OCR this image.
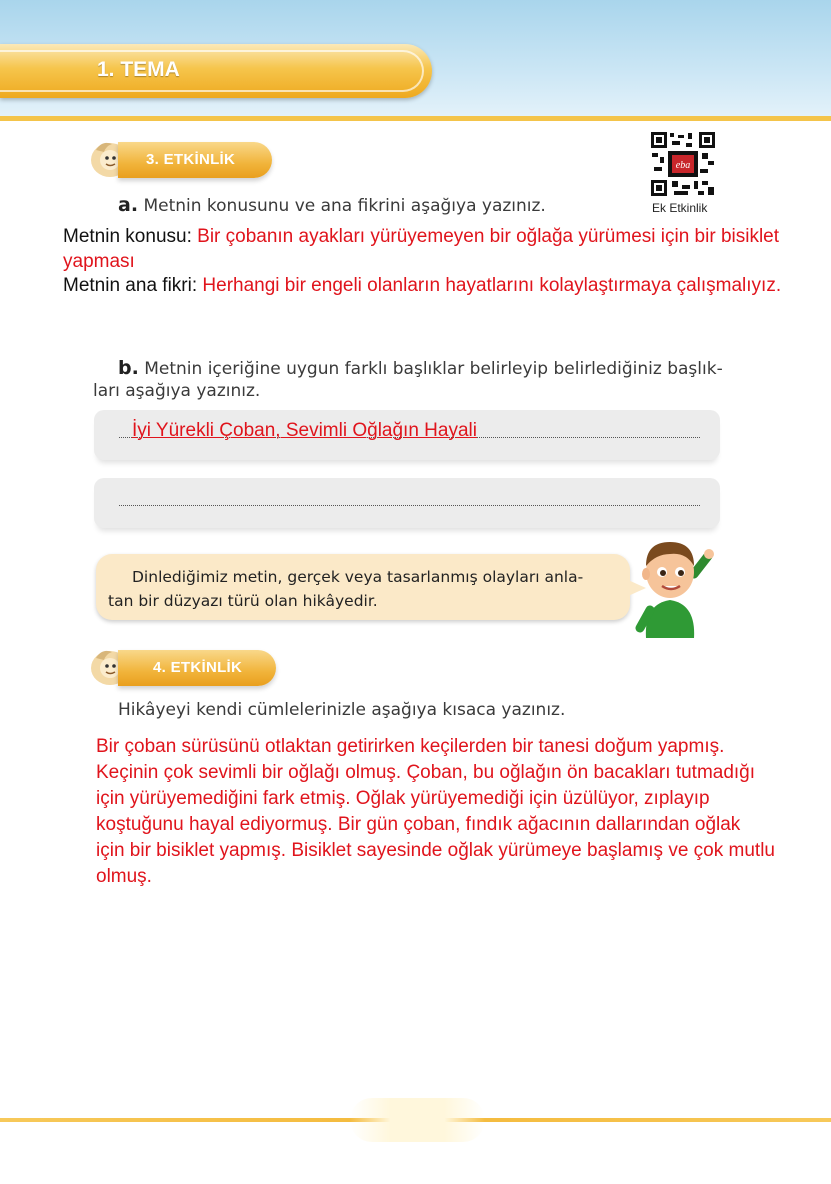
1. TEMA
3. ETKİNLİK	eba
Ek Etkinlik
a. Metnin konusunu ve ana fikrini aşağıya yazınız.
Metnin konusu: Bir çobanın ayakları yürüyemeyen bir oğlağa yürümesi için bir bisiklet
yapması
Metnin ana fikri: Herhangi bir engeli olanların hayatlarını kolaylaştırmaya çalışmalıyız.
b. Metnin içeriğine uygun farklı başlıklar belirleyip belirlediğiniz başlık-
ları aşağıya yazınız.
İyi Yürekli Çoban, Sevimli Oğlağın Hayali
Dinlediğimiz metin, gerçek veya tasarlanmış olayları anla-
tan bir düzyazı türü olan hikâyedir.
4. ETKİNLİK
Hikâyeyi kendi cümlelerinizle aşağıya kısaca yazınız.
Bir çoban sürüsünü otlaktan getirirken keçilerden bir tanesi doğum yapmış.
Keçinin çok sevimli bir oğlağı olmuş. Çoban, bu oğlağın ön bacakları tutmadığı
için yürüyemediğini fark etmiş. Oğlak yürüyemediği için üzülüyor, zıplayıp
koştuğunu hayal ediyormuş. Bir gün çoban, fındık ağacının dallarından oğlak
için bir bisiklet yapmış. Bisiklet sayesinde oğlak yürümeye başlamış ve çok mutlu
olmuş.
